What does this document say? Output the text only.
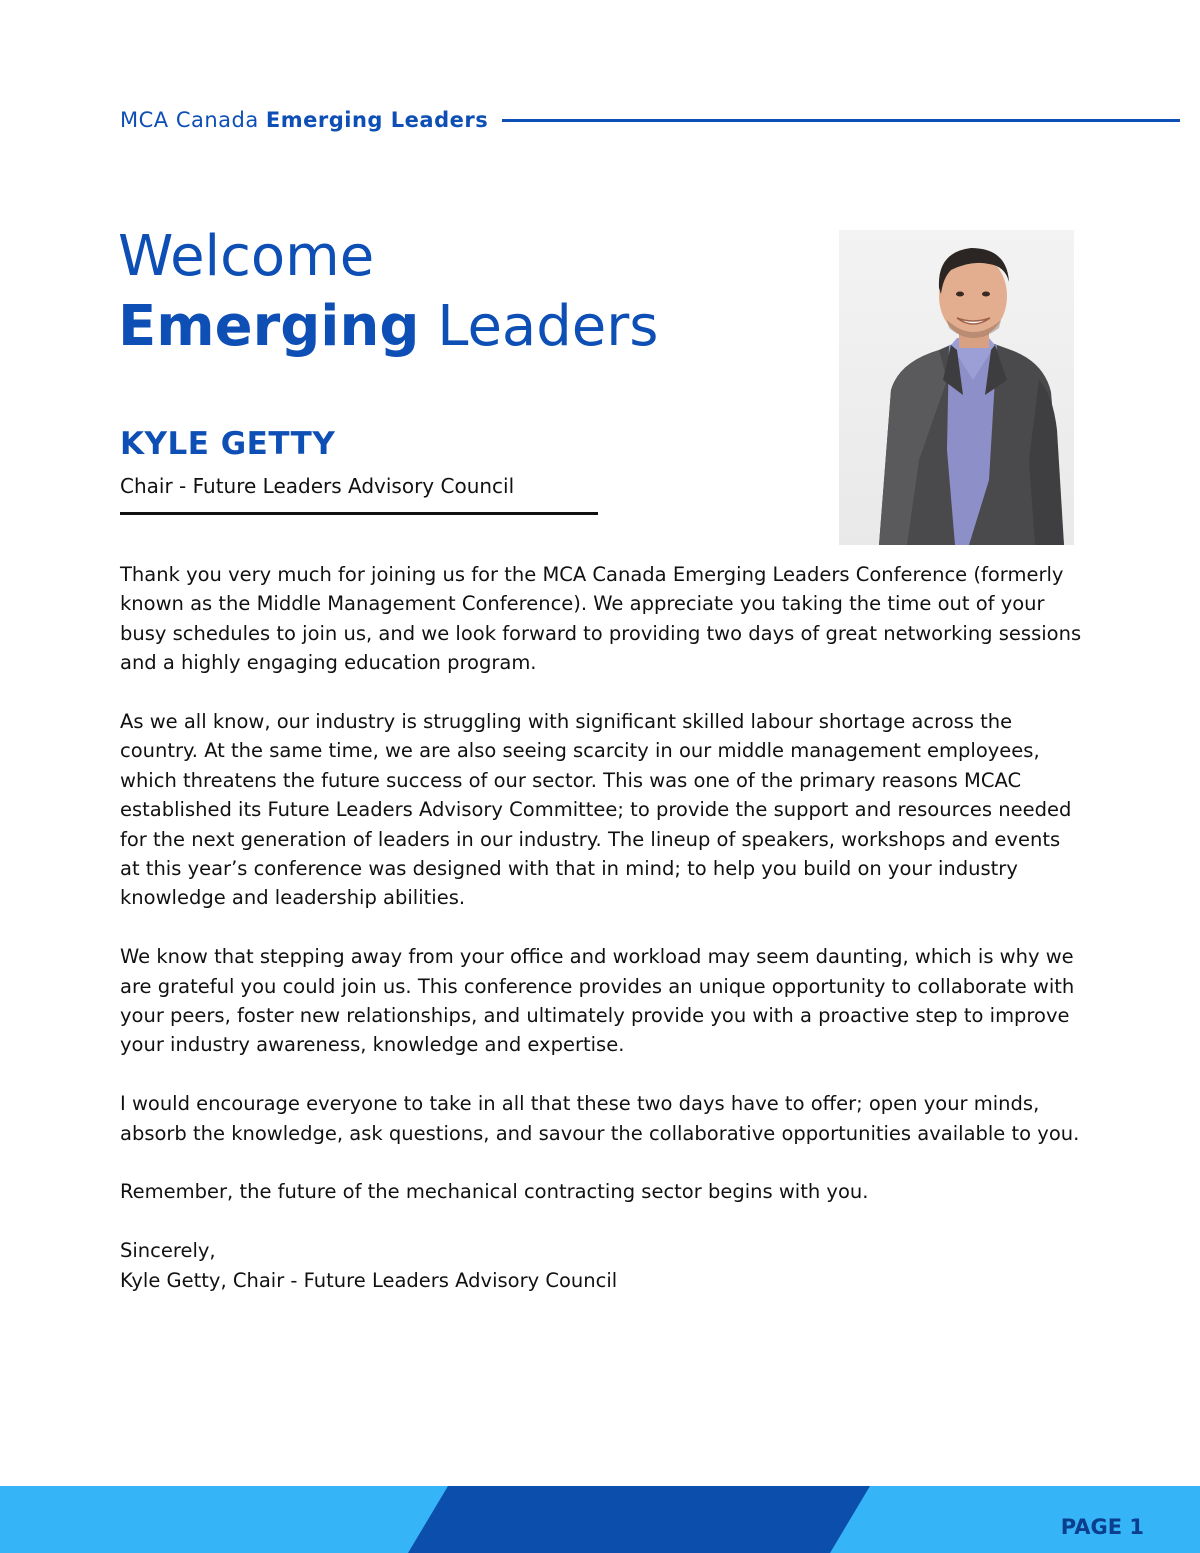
MCA Canada Emerging Leaders
Welcome
Emerging Leaders
KYLE GETTY

Chair - Future Leaders Advisory Council

Thank you very much for joining us for the MCA Canada Emerging Leaders Conference (formerly known as the Middle Management Conference). We appreciate you taking the time out of your busy schedules to join us, and we look forward to providing two days of great networking sessions and a highly engaging education program.

As we all know, our industry is struggling with significant skilled labour shortage across the country. At the same time, we are also seeing scarcity in our middle management employees, which threatens the future success of our sector. This was one of the primary reasons MCAC established its Future Leaders Advisory Committee; to provide the support and resources needed for the next generation of leaders in our industry. The lineup of speakers, workshops and events at this year’s conference was designed with that in mind; to help you build on your industry knowledge and leadership abilities.

We know that stepping away from your office and workload may seem daunting, which is why we are grateful you could join us. This conference provides an unique opportunity to collaborate with your peers, foster new relationships, and ultimately provide you with a proactive step to improve your industry awareness, knowledge and expertise.

I would encourage everyone to take in all that these two days have to offer; open your minds, absorb the knowledge, ask questions, and savour the collaborative opportunities available to you.

Remember, the future of the mechanical contracting sector begins with you.

Sincerely,

Kyle Getty, Chair - Future Leaders Advisory Council

PAGE 1
